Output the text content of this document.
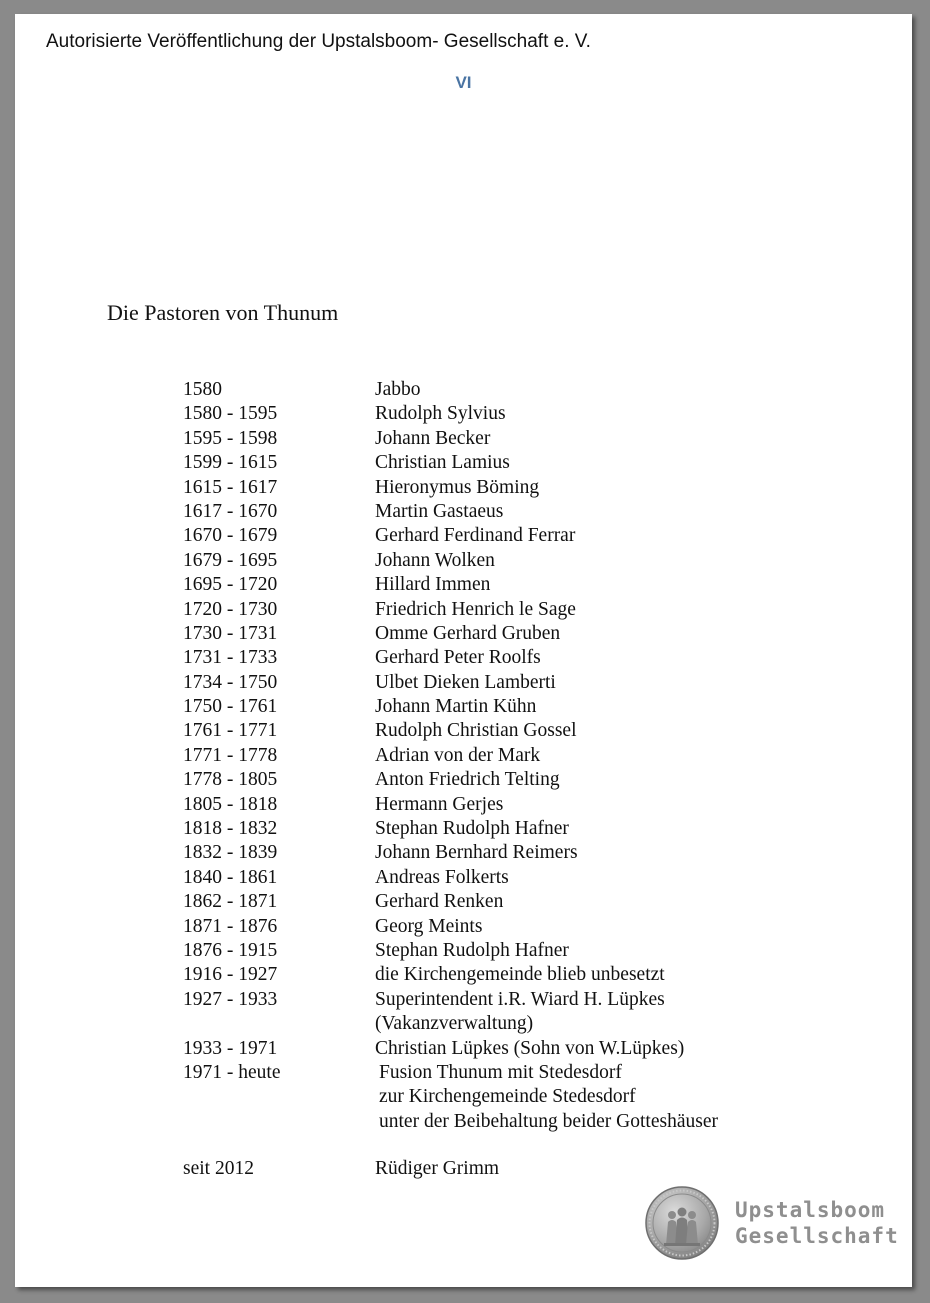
Autorisierte Veröffentlichung der Upstalsboom- Gesellschaft e. V.
VI
Die Pastoren von Thunum
1580	Jabbo
1580 - 1595	Rudolph Sylvius
1595 - 1598	Johann Becker
1599 - 1615	Christian Lamius
1615 - 1617	Hieronymus Böming
1617 - 1670	Martin Gastaeus
1670 - 1679	Gerhard Ferdinand Ferrar
1679 - 1695	Johann Wolken
1695 - 1720	Hillard Immen
1720 - 1730	Friedrich Henrich le Sage
1730 - 1731	Omme Gerhard Gruben
1731 - 1733	Gerhard Peter Roolfs
1734 - 1750	Ulbet Dieken Lamberti
1750 - 1761	Johann Martin Kühn
1761 - 1771	Rudolph Christian Gossel
1771 - 1778	Adrian von der Mark
1778 - 1805	Anton Friedrich Telting
1805 - 1818	Hermann Gerjes
1818 - 1832	Stephan Rudolph Hafner
1832 - 1839	Johann Bernhard Reimers
1840 - 1861	Andreas Folkerts
1862 - 1871	Gerhard Renken
1871 - 1876	Georg Meints
1876 - 1915	Stephan Rudolph Hafner
1916 - 1927	die Kirchengemeinde blieb unbesetzt
1927 - 1933	Superintendent i.R. Wiard H. Lüpkes
(Vakanzverwaltung)
1933 - 1971	Christian Lüpkes (Sohn von W.Lüpkes)
1971 - heute	Fusion Thunum mit Stedesdorf
zur Kirchengemeinde Stedesdorf
unter der Beibehaltung beider Gotteshäuser
seit 2012	Rüdiger Grimm
Upstalsboom
Gesellschaft
